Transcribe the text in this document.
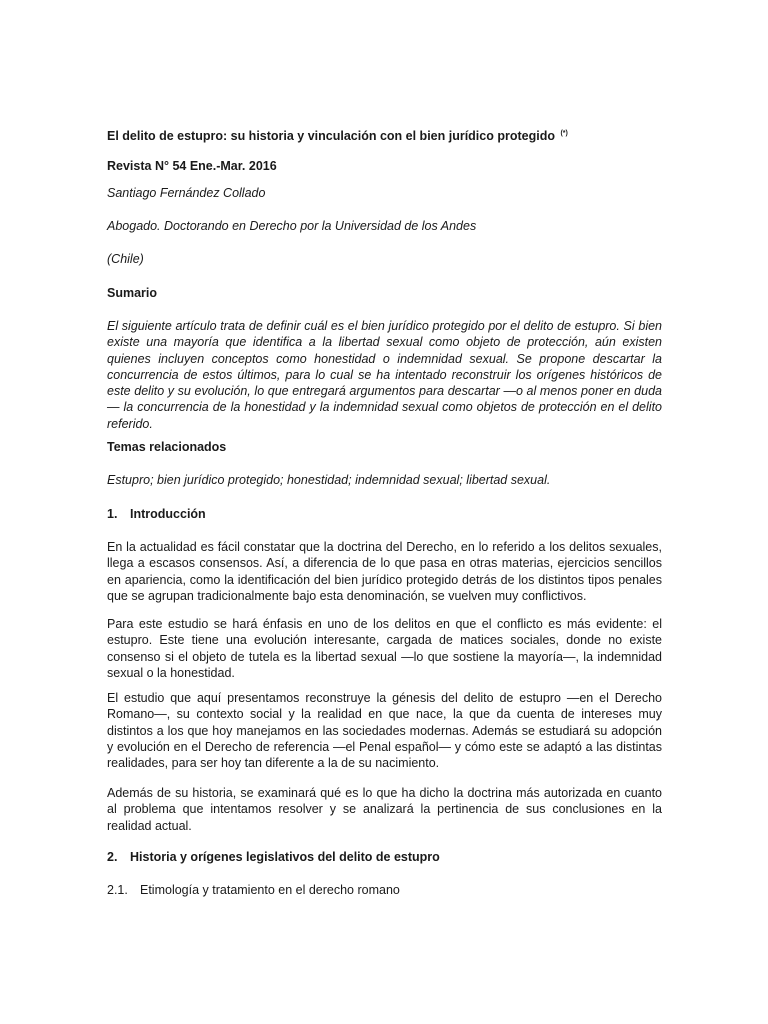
El delito de estupro: su historia y vinculación con el bien jurídico protegido (*)
Revista N° 54 Ene.-Mar. 2016
Santiago Fernández Collado
Abogado. Doctorando en Derecho por la Universidad de los Andes
(Chile)
Sumario
El siguiente artículo trata de definir cuál es el bien jurídico protegido por el delito de estupro. Si bien existe una mayoría que identifica a la libertad sexual como objeto de protección, aún existen quienes incluyen conceptos como honestidad o indemnidad sexual. Se propone descartar la concurrencia de estos últimos, para lo cual se ha intentado reconstruir los orígenes históricos de este delito y su evolución, lo que entregará argumentos para descartar —o al menos poner en duda— la concurrencia de la honestidad y la indemnidad sexual como objetos de protección en el delito referido.
Temas relacionados
Estupro; bien jurídico protegido; honestidad; indemnidad sexual; libertad sexual.
1. Introducción
En la actualidad es fácil constatar que la doctrina del Derecho, en lo referido a los delitos sexuales, llega a escasos consensos. Así, a diferencia de lo que pasa en otras materias, ejercicios sencillos en apariencia, como la identificación del bien jurídico protegido detrás de los distintos tipos penales que se agrupan tradicionalmente bajo esta denominación, se vuelven muy conflictivos.
Para este estudio se hará énfasis en uno de los delitos en que el conflicto es más evidente: el estupro. Este tiene una evolución interesante, cargada de matices sociales, donde no existe consenso si el objeto de tutela es la libertad sexual —lo que sostiene la mayoría—, la indemnidad sexual o la honestidad.
El estudio que aquí presentamos reconstruye la génesis del delito de estupro —en el Derecho Romano—, su contexto social y la realidad en que nace, la que da cuenta de intereses muy distintos a los que hoy manejamos en las sociedades modernas. Además se estudiará su adopción y evolución en el Derecho de referencia —el Penal español— y cómo este se adaptó a las distintas realidades, para ser hoy tan diferente a la de su nacimiento.
Además de su historia, se examinará qué es lo que ha dicho la doctrina más autorizada en cuanto al problema que intentamos resolver y se analizará la pertinencia de sus conclusiones en la realidad actual.
2. Historia y orígenes legislativos del delito de estupro
2.1. Etimología y tratamiento en el derecho romano
